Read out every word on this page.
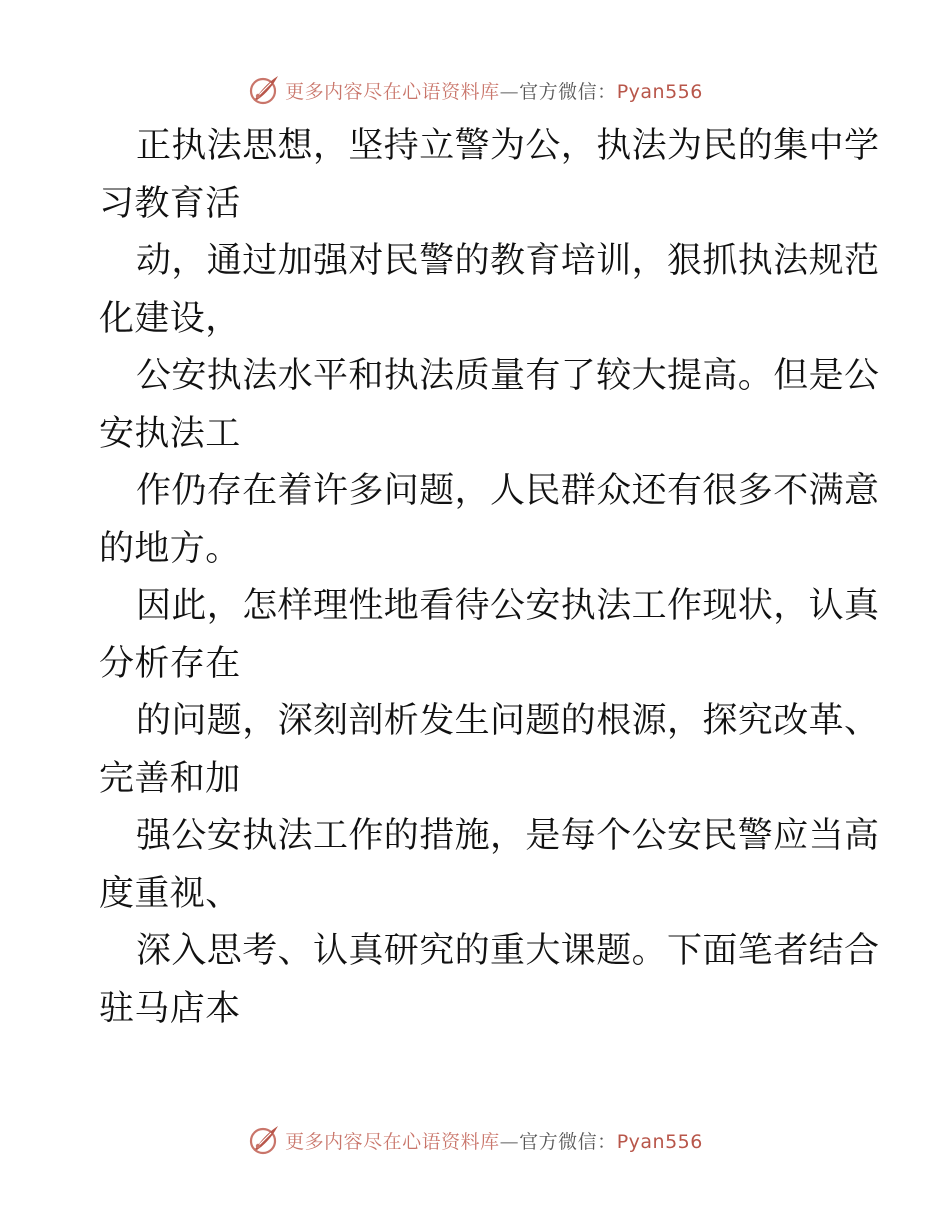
更多内容尽在心语资料库—官方微信：Pyan556
正执法思想，坚持立警为公，执法为民的集中学
习教育活
动，通过加强对民警的教育培训，狠抓执法规范
化建设，
公安执法水平和执法质量有了较大提高。但是公
安执法工
作仍存在着许多问题，人民群众还有很多不满意
的地方。
因此，怎样理性地看待公安执法工作现状，认真
分析存在
的问题，深刻剖析发生问题的根源，探究改革、
完善和加
强公安执法工作的措施，是每个公安民警应当高
度重视、
深入思考、认真研究的重大课题。下面笔者结合
驻马店本
更多内容尽在心语资料库—官方微信：Pyan556
